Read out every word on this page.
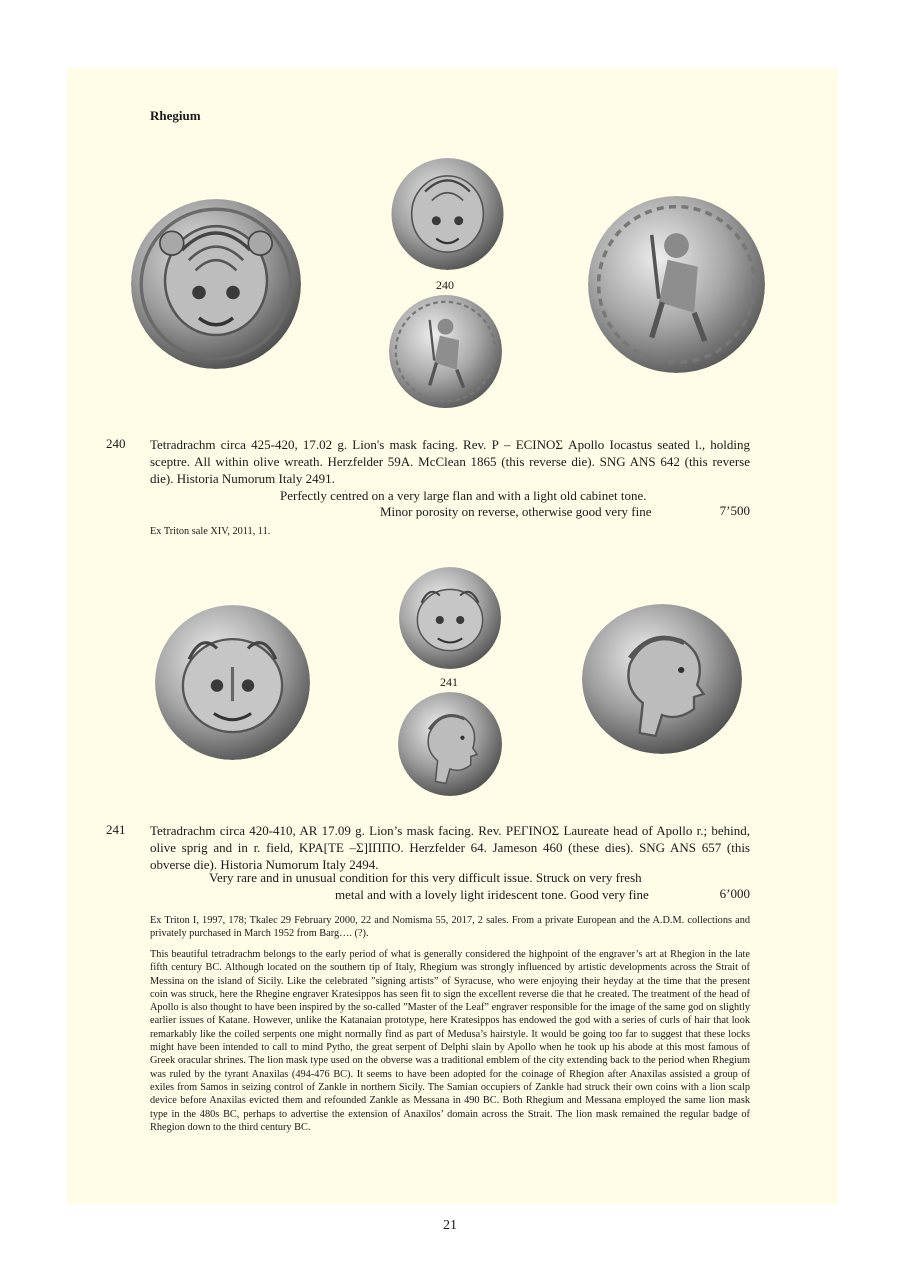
Rhegium
240
240 Tetradrachm circa 425-420, 17.02 g. Lion's mask facing. Rev. Ρ – ΕCΙΝΟΣ Apollo Iocastus seated l., holding sceptre. All within olive wreath. Herzfelder 59A. McClean 1865 (this reverse die). SNG ANS 642 (this reverse die). Historia Numorum Italy 2491.
Perfectly centred on a very large flan and with a light old cabinet tone.
Minor porosity on reverse, otherwise good very fine	7’500
Ex Triton sale XIV, 2011, 11.
241
241 Tetradrachm circa 420-410, AR 17.09 g. Lion’s mask facing. Rev. ΡΕΓΙΝΟΣ Laureate head of Apollo r.; behind, olive sprig and in r. field, ΚΡΑ[ΤΕ –Σ]ΙΠΠΟ. Herzfelder 64. Jameson 460 (these dies). SNG ANS 657 (this obverse die). Historia Numorum Italy 2494.
Very rare and in unusual condition for this very difficult issue. Struck on very fresh
metal and with a lovely light iridescent tone. Good very fine	6’000
Ex Triton I, 1997, 178; Tkalec 29 February 2000, 22 and Nomisma 55, 2017, 2 sales. From a private European and the A.D.M. collections and privately purchased in March 1952 from Barg…. (?).
This beautiful tetradrachm belongs to the early period of what is generally considered the highpoint of the engraver’s art at Rhegion in the late fifth century BC. Although located on the southern tip of Italy, Rhegium was strongly influenced by artistic developments across the Strait of Messina on the island of Sicily. Like the celebrated ”signing artists” of Syracuse, who were enjoying their heyday at the time that the present coin was struck, here the Rhegine engraver Kratesippos has seen fit to sign the excellent reverse die that he created. The treatment of the head of Apollo is also thought to have been inspired by the so-called ”Master of the Leaf” engraver responsible for the image of the same god on slightly earlier issues of Katane. However, unlike the Katanaian prototype, here Kratesippos has endowed the god with a series of curls of hair that look remarkably like the coiled serpents one might normally find as part of Medusa’s hairstyle. It would be going too far to suggest that these locks might have been intended to call to mind Pytho, the great serpent of Delphi slain by Apollo when he took up his abode at this most famous of Greek oracular shrines. The lion mask type used on the obverse was a traditional emblem of the city extending back to the period when Rhegium was ruled by the tyrant Anaxilas (494-476 BC). It seems to have been adopted for the coinage of Rhegion after Anaxilas assisted a group of exiles from Samos in seizing control of Zankle in northern Sicily. The Samian occupiers of Zankle had struck their own coins with a lion scalp device before Anaxilas evicted them and refounded Zankle as Messana in 490 BC. Both Rhegium and Messana employed the same lion mask type in the 480s BC, perhaps to advertise the extension of Anaxilos’ domain across the Strait. The lion mask remained the regular badge of Rhegion down to the third century BC.
21
